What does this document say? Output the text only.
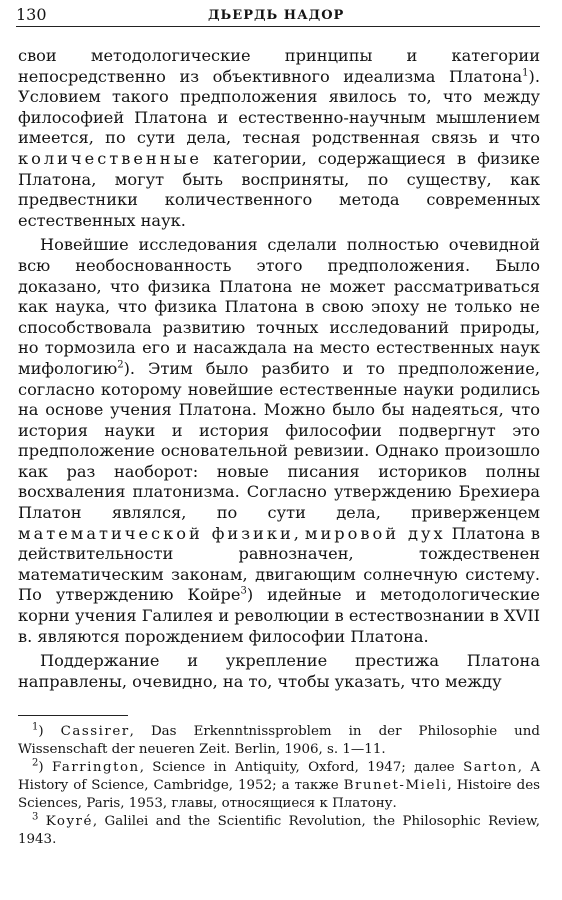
130	ДЬЕРДЬ НАДОР

свои методологические принципы и категории непосредственно из объективного идеализма Платона$^1$). Условием такого предположения явилось то, что между философией Платона и естественно-научным мышлением имеется, по сути дела, тесная родственная связь и что количественные категории, содержащиеся в физике Платона, могут быть восприняты, по существу, как предвестники количественного метода современных естественных наук.

Новейшие исследования сделали полностью очевидной всю необоснованность этого предположения. Было доказано, что физика Платона не может рассматриваться как наука, что физика Платона в свою эпоху не только не способствовала развитию точных исследований природы, но тормозила его и насаждала на место естественных наук мифологию$^2$). Этим было разбито и то предположение, согласно которому новейшие естественные науки родились на основе учения Платона. Можно было бы надеяться, что история науки и история философии подвергнут это предположение основательной ревизии. Однако произошло как раз наоборот: новые писания историков полны восхваления платонизма. Согласно утверждению Брехиера Платон являлся, по сути дела, приверженцем математической физики, мировой дух Платона в действительности равнозначен, тождественен математическим законам, двигающим солнечную систему. По утверждению Койре$^3$) идейные и методологические корни учения Галилея и революции в естествознании в XVII в. являются порождением философии Платона.

Поддержание и укрепление престижа Платона направлены, очевидно, на то, чтобы указать, что между

$^1$) Cassirer, Das Erkenntnissproblem in der Philosophie und Wissenschaft der neueren Zeit. Berlin, 1906, s. 1—11.

$^2$) Farrington, Science in Antiquity, Oxford, 1947; далее Sarton, A History of Science, Cambridge, 1952; а также Brunet-Mieli, Histoire des Sciences, Paris, 1953, главы, относящиеся к Платону.

$^3$ Koyré, Galilei and the Scientific Revolution, the Philosophic Review, 1943.
